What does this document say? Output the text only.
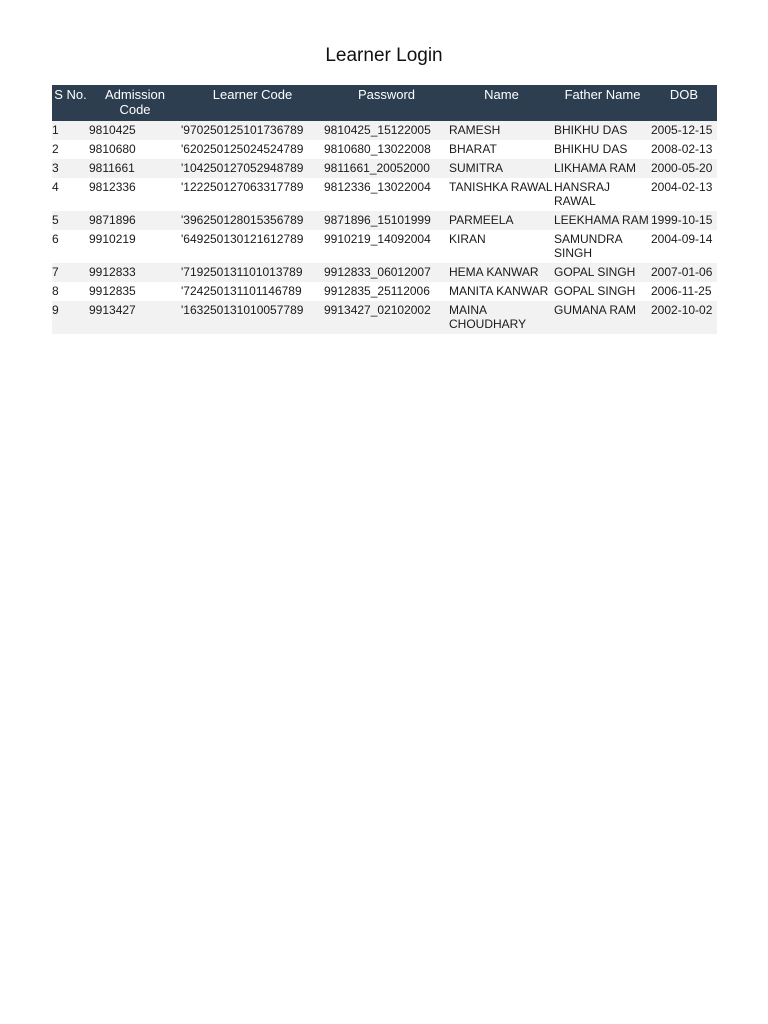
Learner Login
S No.	Admission Code	Learner Code	Password	Name	Father Name	DOB
1	9810425	'970250125101736789	9810425_15122005	RAMESH	BHIKHU DAS	2005-12-15
2	9810680	'620250125024524789	9810680_13022008	BHARAT	BHIKHU DAS	2008-02-13
3	9811661	'104250127052948789	9811661_20052000	SUMITRA	LIKHAMA RAM	2000-05-20
4	9812336	'122250127063317789	9812336_13022004	TANISHKA RAWAL	HANSRAJ RAWAL	2004-02-13
5	9871896	'396250128015356789	9871896_15101999	PARMEELA	LEEKHAMA RAM	1999-10-15
6	9910219	'649250130121612789	9910219_14092004	KIRAN	SAMUNDRA SINGH	2004-09-14
7	9912833	'719250131101013789	9912833_06012007	HEMA KANWAR	GOPAL SINGH	2007-01-06
8	9912835	'724250131101146789	9912835_25112006	MANITA KANWAR	GOPAL SINGH	2006-11-25
9	9913427	'163250131010057789	9913427_02102002	MAINA CHOUDHARY	GUMANA RAM	2002-10-02
